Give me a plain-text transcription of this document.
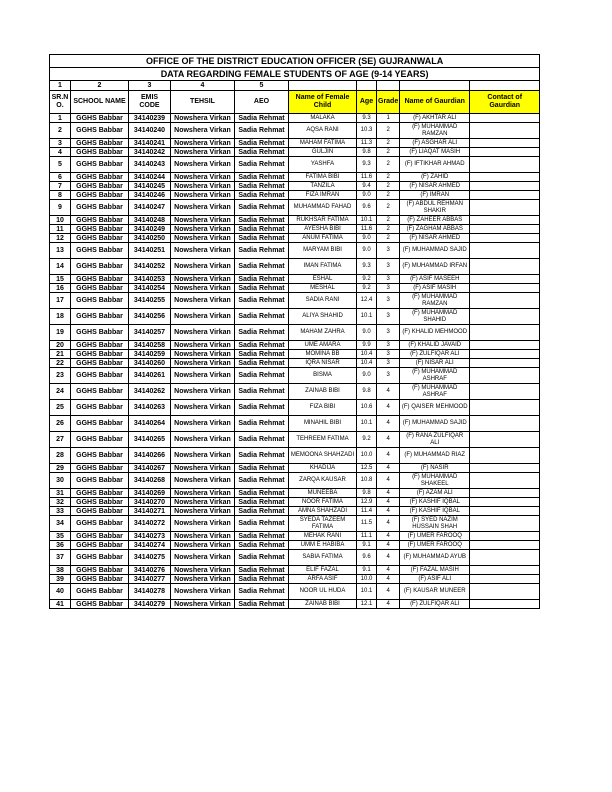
OFFICE OF THE DISTRICT EDUCATION OFFICER (SE) GUJRANWALA									
DATA REGARDING FEMALE STUDENTS OF AGE (9-14 YEARS)									
1	2	3	4	5					
SR.N O.	SCHOOL NAME	EMIS CODE	TEHSIL	AEO	Name of Female Child	Age	Grade	Name of Gaurdian	Contact of Gaurdian
1	GGHS Babbar	34140239	Nowshera Virkan	Sadia Rehmat	MALAKA	9.3	1	(F) AKHTAR ALI	
2	GGHS Babbar	34140240	Nowshera Virkan	Sadia Rehmat	AQSA RANI	10.3	2	(F) MUHAMMAD RAMZAN	
3	GGHS Babbar	34140241	Nowshera Virkan	Sadia Rehmat	MAHAM FATIMA	11.3	2	(F) ASGHAR ALI	
4	GGHS Babbar	34140242	Nowshera Virkan	Sadia Rehmat	GULJIN	9.8	2	(F) LIAQAT MASIH	
5	GGHS Babbar	34140243	Nowshera Virkan	Sadia Rehmat	YASHFA	9.3	2	(F) IFTIKHAR AHMAD	
6	GGHS Babbar	34140244	Nowshera Virkan	Sadia Rehmat	FATIMA BIBI	11.6	2	(F) ZAHID	
7	GGHS Babbar	34140245	Nowshera Virkan	Sadia Rehmat	TANZILA	9.4	2	(F) NISAR AHMED	
8	GGHS Babbar	34140246	Nowshera Virkan	Sadia Rehmat	FIZA IMRAN	9.0	2	(F) IMRAN	
9	GGHS Babbar	34140247	Nowshera Virkan	Sadia Rehmat	MUHAMMAD FAHAD	9.6	2	(F) ABDUL REHMAN SHAKIR	
10	GGHS Babbar	34140248	Nowshera Virkan	Sadia Rehmat	RUKHSAR FATIMA	10.1	2	(F) ZAHEER ABBAS	
11	GGHS Babbar	34140249	Nowshera Virkan	Sadia Rehmat	AYESHA BIBI	11.6	2	(F) ZAGHAM ABBAS	
12	GGHS Babbar	34140250	Nowshera Virkan	Sadia Rehmat	ANUM FATIMA	9.0	2	(F) NISAR AHMED	
13	GGHS Babbar	34140251	Nowshera Virkan	Sadia Rehmat	MARYAM BIBI	9.0	3	(F) MUHAMMAD SAJID	
14	GGHS Babbar	34140252	Nowshera Virkan	Sadia Rehmat	IMAN FATIMA	9.3	3	(F) MUHAMMAD IRFAN	
15	GGHS Babbar	34140253	Nowshera Virkan	Sadia Rehmat	ESHAL	9.2	3	(F) ASIF MASEEH	
16	GGHS Babbar	34140254	Nowshera Virkan	Sadia Rehmat	MESHAL	9.2	3	(F) ASIF MASIH	
17	GGHS Babbar	34140255	Nowshera Virkan	Sadia Rehmat	SADIA RANI	12.4	3	(F) MUHAMMAD RAMZAN	
18	GGHS Babbar	34140256	Nowshera Virkan	Sadia Rehmat	ALIYA SHAHID	10.1	3	(F) MUHAMMAD SHAHID	
19	GGHS Babbar	34140257	Nowshera Virkan	Sadia Rehmat	MAHAM ZAHRA	9.0	3	(F) KHALID MEHMOOD	
20	GGHS Babbar	34140258	Nowshera Virkan	Sadia Rehmat	UME AMARA	9.9	3	(F) KHALID JAVAID	
21	GGHS Babbar	34140259	Nowshera Virkan	Sadia Rehmat	MOMINA BB	10.4	3	(F) ZULFIQAR ALI	
22	GGHS Babbar	34140260	Nowshera Virkan	Sadia Rehmat	IQRA NISAR	10.4	3	(F) NISAR ALI	
23	GGHS Babbar	34140261	Nowshera Virkan	Sadia Rehmat	BISMA	9.0	3	(F) MUHAMMAD ASHRAF	
24	GGHS Babbar	34140262	Nowshera Virkan	Sadia Rehmat	ZAINAB BIBI	9.8	4	(F) MUHAMMAD ASHRAF	
25	GGHS Babbar	34140263	Nowshera Virkan	Sadia Rehmat	FIZA BIBI	10.6	4	(F) QAISER MEHMOOD	
26	GGHS Babbar	34140264	Nowshera Virkan	Sadia Rehmat	MINAHIL BIBI	10.1	4	(F) MUHAMMAD SAJID	
27	GGHS Babbar	34140265	Nowshera Virkan	Sadia Rehmat	TEHREEM FATIMA	9.2	4	(F) RANA ZULFIQAR ALI	
28	GGHS Babbar	34140266	Nowshera Virkan	Sadia Rehmat	MEMOONA SHAHZADI	10.0	4	(F) MUHAMMAD RIAZ	
29	GGHS Babbar	34140267	Nowshera Virkan	Sadia Rehmat	KHADIJA	12.5	4	(F) NASIR	
30	GGHS Babbar	34140268	Nowshera Virkan	Sadia Rehmat	ZARQA KAUSAR	10.8	4	(F) MUHAMMAD SHAKEEL	
31	GGHS Babbar	34140269	Nowshera Virkan	Sadia Rehmat	MUNEEBA	9.8	4	(F) AZAM ALI	
32	GGHS Babbar	34140270	Nowshera Virkan	Sadia Rehmat	NOOR FATIMA	12.9	4	(F) KASHIF IQBAL	
33	GGHS Babbar	34140271	Nowshera Virkan	Sadia Rehmat	AMNA SHAHZADI	11.4	4	(F) KASHIF IQBAL	
34	GGHS Babbar	34140272	Nowshera Virkan	Sadia Rehmat	SYEDA TAZEEM FATIMA	11.5	4	(F) SYED NAZIM HUSSAIN SHAH	
35	GGHS Babbar	34140273	Nowshera Virkan	Sadia Rehmat	MEHAK RANI	11.1	4	(F) UMER FAROOQ	
36	GGHS Babbar	34140274	Nowshera Virkan	Sadia Rehmat	UMM E HABIBA	9.1	4	(F) UMER FAROOQ	
37	GGHS Babbar	34140275	Nowshera Virkan	Sadia Rehmat	SABIA FATIMA	9.6	4	(F) MUHAMMAD AYUB	
38	GGHS Babbar	34140276	Nowshera Virkan	Sadia Rehmat	ELIF FAZAL	9.1	4	(F) FAZAL MASIH	
39	GGHS Babbar	34140277	Nowshera Virkan	Sadia Rehmat	ARFA ASIF	10.0	4	(F) ASIF ALI	
40	GGHS Babbar	34140278	Nowshera Virkan	Sadia Rehmat	NOOR UL HUDA	10.1	4	(F) KAUSAR MUNEER	
41	GGHS Babbar	34140279	Nowshera Virkan	Sadia Rehmat	ZAINAB BIBI	12.1	4	(F) ZULFIQAR ALI	
